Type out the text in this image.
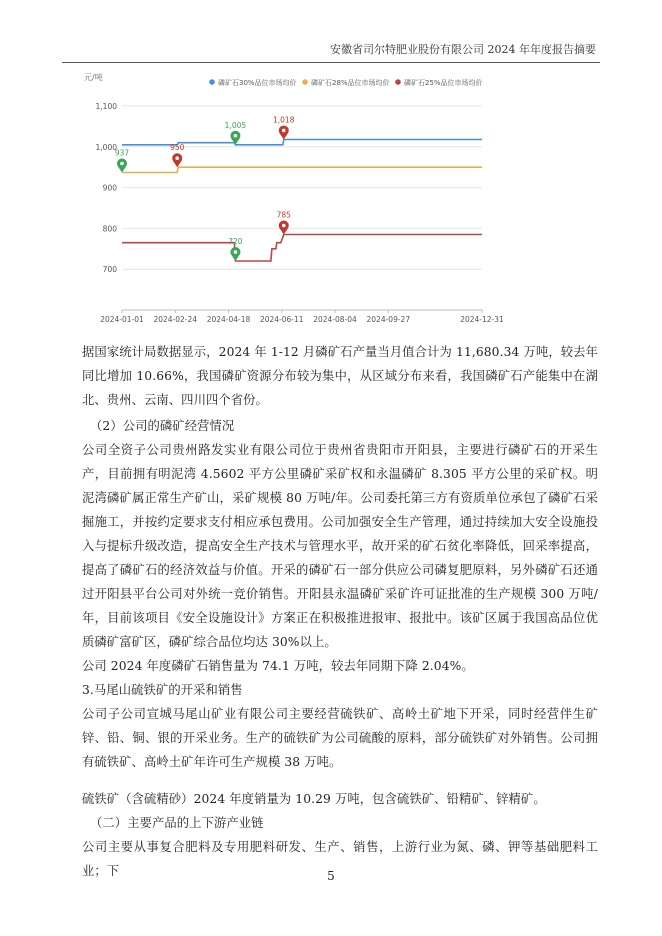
安徽省司尔特肥业股份有限公司 2024 年年度报告摘要
元/吨
700
800
900
1,000
1,100
2024-01-01 2024-02-24 2024-04-18 2024-06-11 2024-08-04 2024-09-27	2024-12-31
1,005
1,018
937
950
720
785
磷矿石30%品位市场均价 磷矿石28%品位市场均价 磷矿石25%品位市场均价

据国家统计局数据显示，2024 年 1-12 月磷矿石产量当月值合计为 11,680.34 万吨，较去年同比增加 10.66%，我国磷矿资源分布较为集中，从区域分布来看，我国磷矿石产能集中在湖北、贵州、云南、四川四个省份。

（2）公司的磷矿经营情况

公司全资子公司贵州路发实业有限公司位于贵州省贵阳市开阳县，主要进行磷矿石的开采生产，目前拥有明泥湾 4.5602 平方公里磷矿采矿权和永温磷矿 8.305 平方公里的采矿权。明泥湾磷矿属正常生产矿山，采矿规模 80 万吨/年。公司委托第三方有资质单位承包了磷矿石采掘施工，并按约定要求支付相应承包费用。公司加强安全生产管理，通过持续加大安全设施投入与提标升级改造，提高安全生产技术与管理水平，故开采的矿石贫化率降低，回采率提高，提高了磷矿石的经济效益与价值。开采的磷矿石一部分供应公司磷复肥原料，另外磷矿石还通过开阳县平台公司对外统一竞价销售。开阳县永温磷矿采矿许可证批准的生产规模 300 万吨/年，目前该项目《安全设施设计》方案正在积极推进报审、报批中。该矿区属于我国高品位优质磷矿富矿区，磷矿综合品位均达 30%以上。

公司 2024 年度磷矿石销售量为 74.1 万吨，较去年同期下降 2.04%。

3.马尾山硫铁矿的开采和销售

公司子公司宣城马尾山矿业有限公司主要经营硫铁矿、高岭土矿地下开采，同时经营伴生矿锌、铅、铜、银的开采业务。生产的硫铁矿为公司硫酸的原料，部分硫铁矿对外销售。公司拥有硫铁矿、高岭土矿年许可生产规模 38 万吨。

硫铁矿（含硫精砂）2024 年度销量为 10.29 万吨，包含硫铁矿、铅精矿、锌精矿。

（二）主要产品的上下游产业链

公司主要从事复合肥料及专用肥料研发、生产、销售，上游行业为氮、磷、钾等基础肥料工业；下	5
